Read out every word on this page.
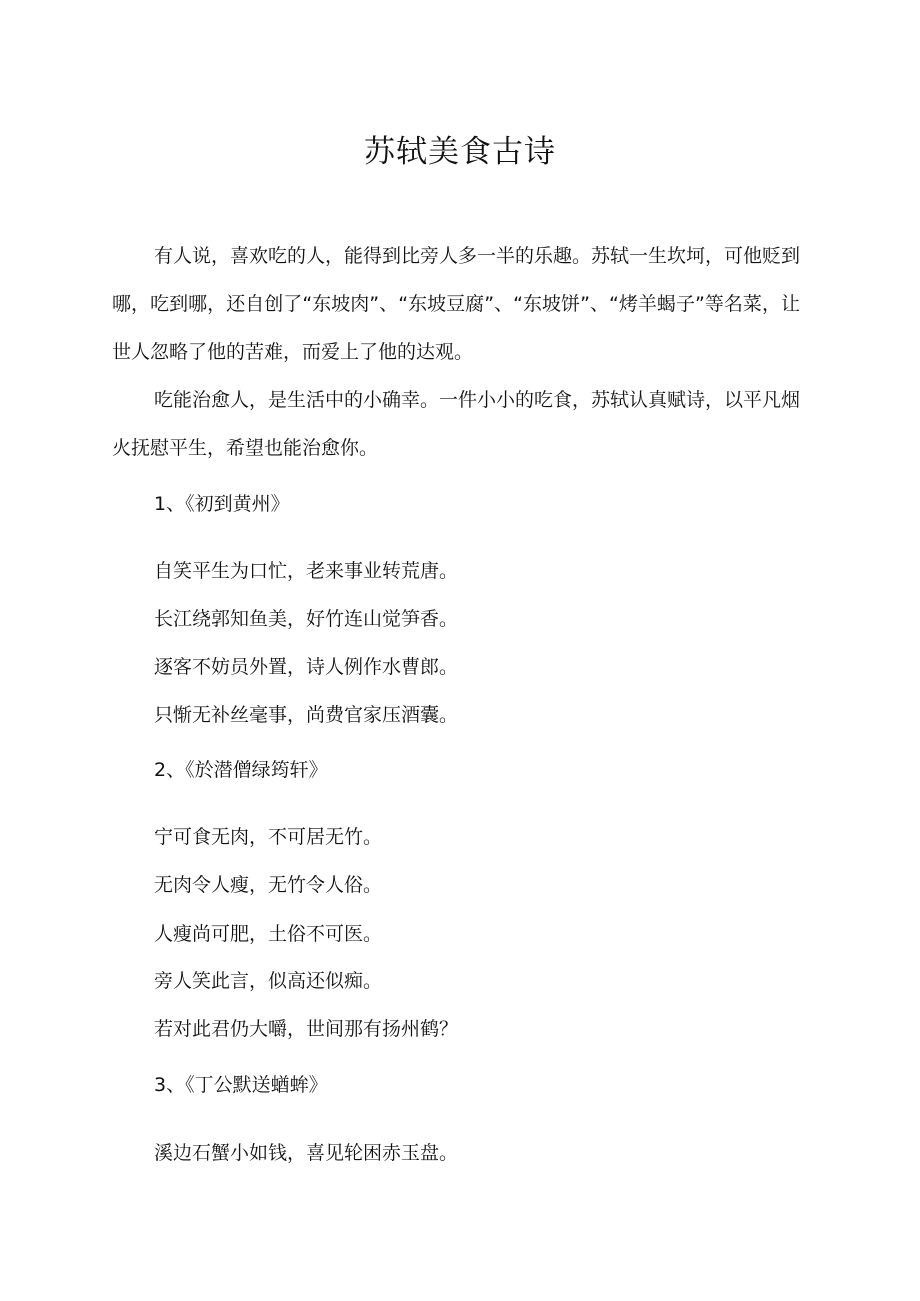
苏轼美食古诗

有人说，喜欢吃的人，能得到比旁人多一半的乐趣。苏轼一生坎坷，可他贬到哪，吃到哪，还自创了“东坡肉”、“东坡豆腐”、“东坡饼”、“烤羊蝎子”等名菜，让世人忽略了他的苦难，而爱上了他的达观。

吃能治愈人，是生活中的小确幸。一件小小的吃食，苏轼认真赋诗，以平凡烟火抚慰平生，希望也能治愈你。

1、《初到黄州》
自笑平生为口忙，老来事业转荒唐。
长江绕郭知鱼美，好竹连山觉笋香。
逐客不妨员外置，诗人例作水曹郎。
只惭无补丝毫事，尚费官家压酒囊。
2、《於潜僧绿筠轩》
宁可食无肉，不可居无竹。
无肉令人瘦，无竹令人俗。
人瘦尚可肥，土俗不可医。
旁人笑此言，似高还似痴。
若对此君仍大嚼，世间那有扬州鹤？
3、《丁公默送蝤蛑》
溪边石蟹小如钱，喜见轮困赤玉盘。
